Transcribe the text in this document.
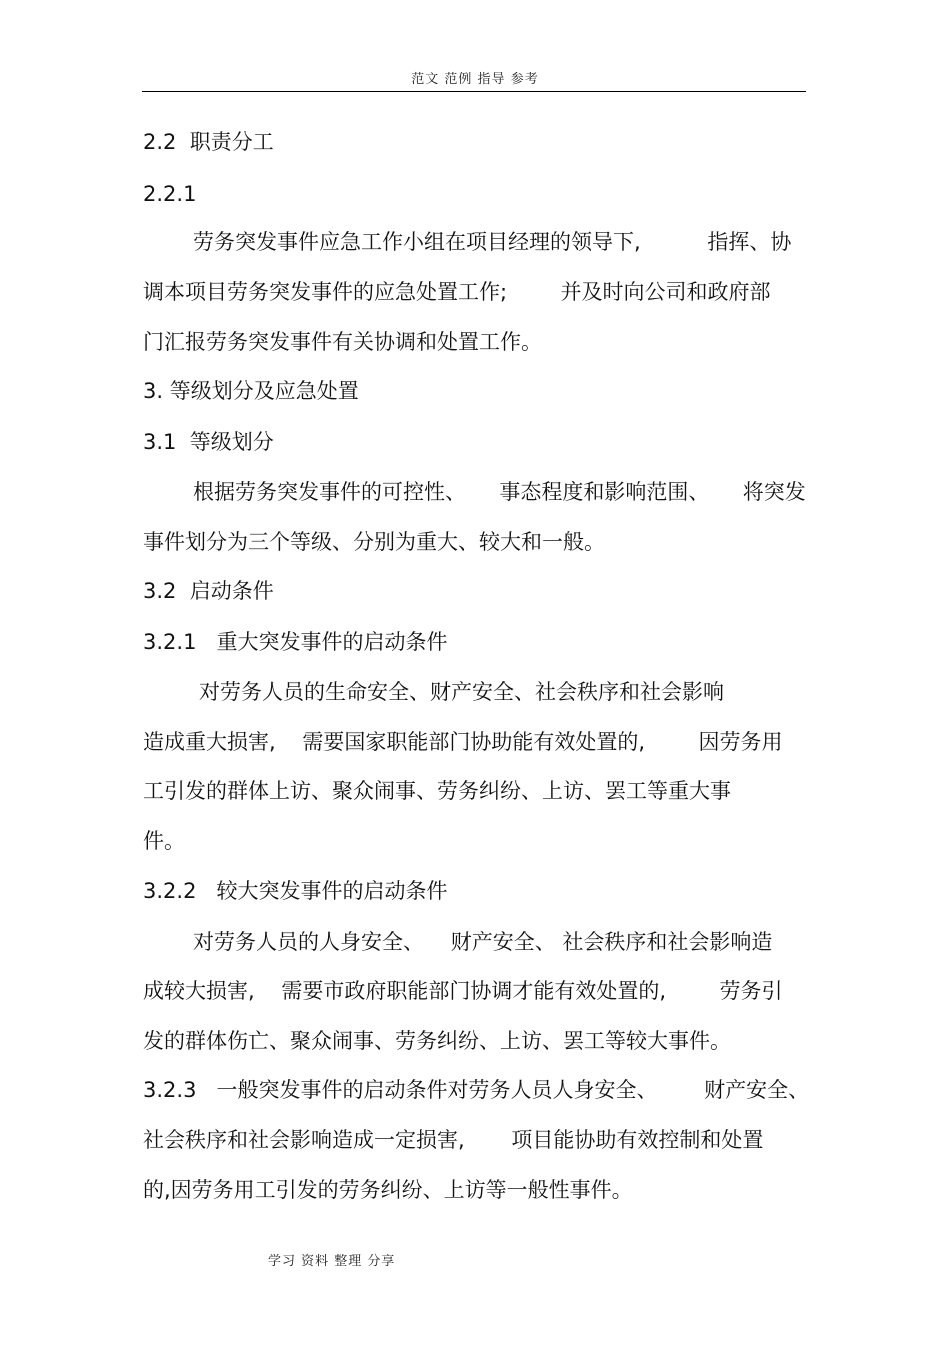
范文 范例 指导 参考
2.2  职责分工
2.2.1
劳务突发事件应急工作小组在项目经理的领导下,          指挥、协
调本项目劳务突发事件的应急处置工作;        并及时向公司和政府部
门汇报劳务突发事件有关协调和处置工作。
3. 等级划分及应急处置
3.1  等级划分
根据劳务突发事件的可控性、     事态程度和影响范围、     将突发
事件划分为三个等级、分别为重大、较大和一般。
3.2  启动条件
3.2.1   重大突发事件的启动条件
对劳务人员的生命安全、财产安全、社会秩序和社会影响
造成重大损害,    需要国家职能部门协助能有效处置的,        因劳务用
工引发的群体上访、聚众闹事、劳务纠纷、上访、罢工等重大事
件。
3.2.2   较大突发事件的启动条件
对劳务人员的人身安全、    财产安全、 社会秩序和社会影响造
成较大损害,    需要市政府职能部门协调才能有效处置的,        劳务引
发的群体伤亡、聚众闹事、劳务纠纷、上访、罢工等较大事件。
3.2.3   一般突发事件的启动条件对劳务人员人身安全、       财产安全、
社会秩序和社会影响造成一定损害,       项目能协助有效控制和处置
的,因劳务用工引发的劳务纠纷、上访等一般性事件。
学习 资料 整理 分享
